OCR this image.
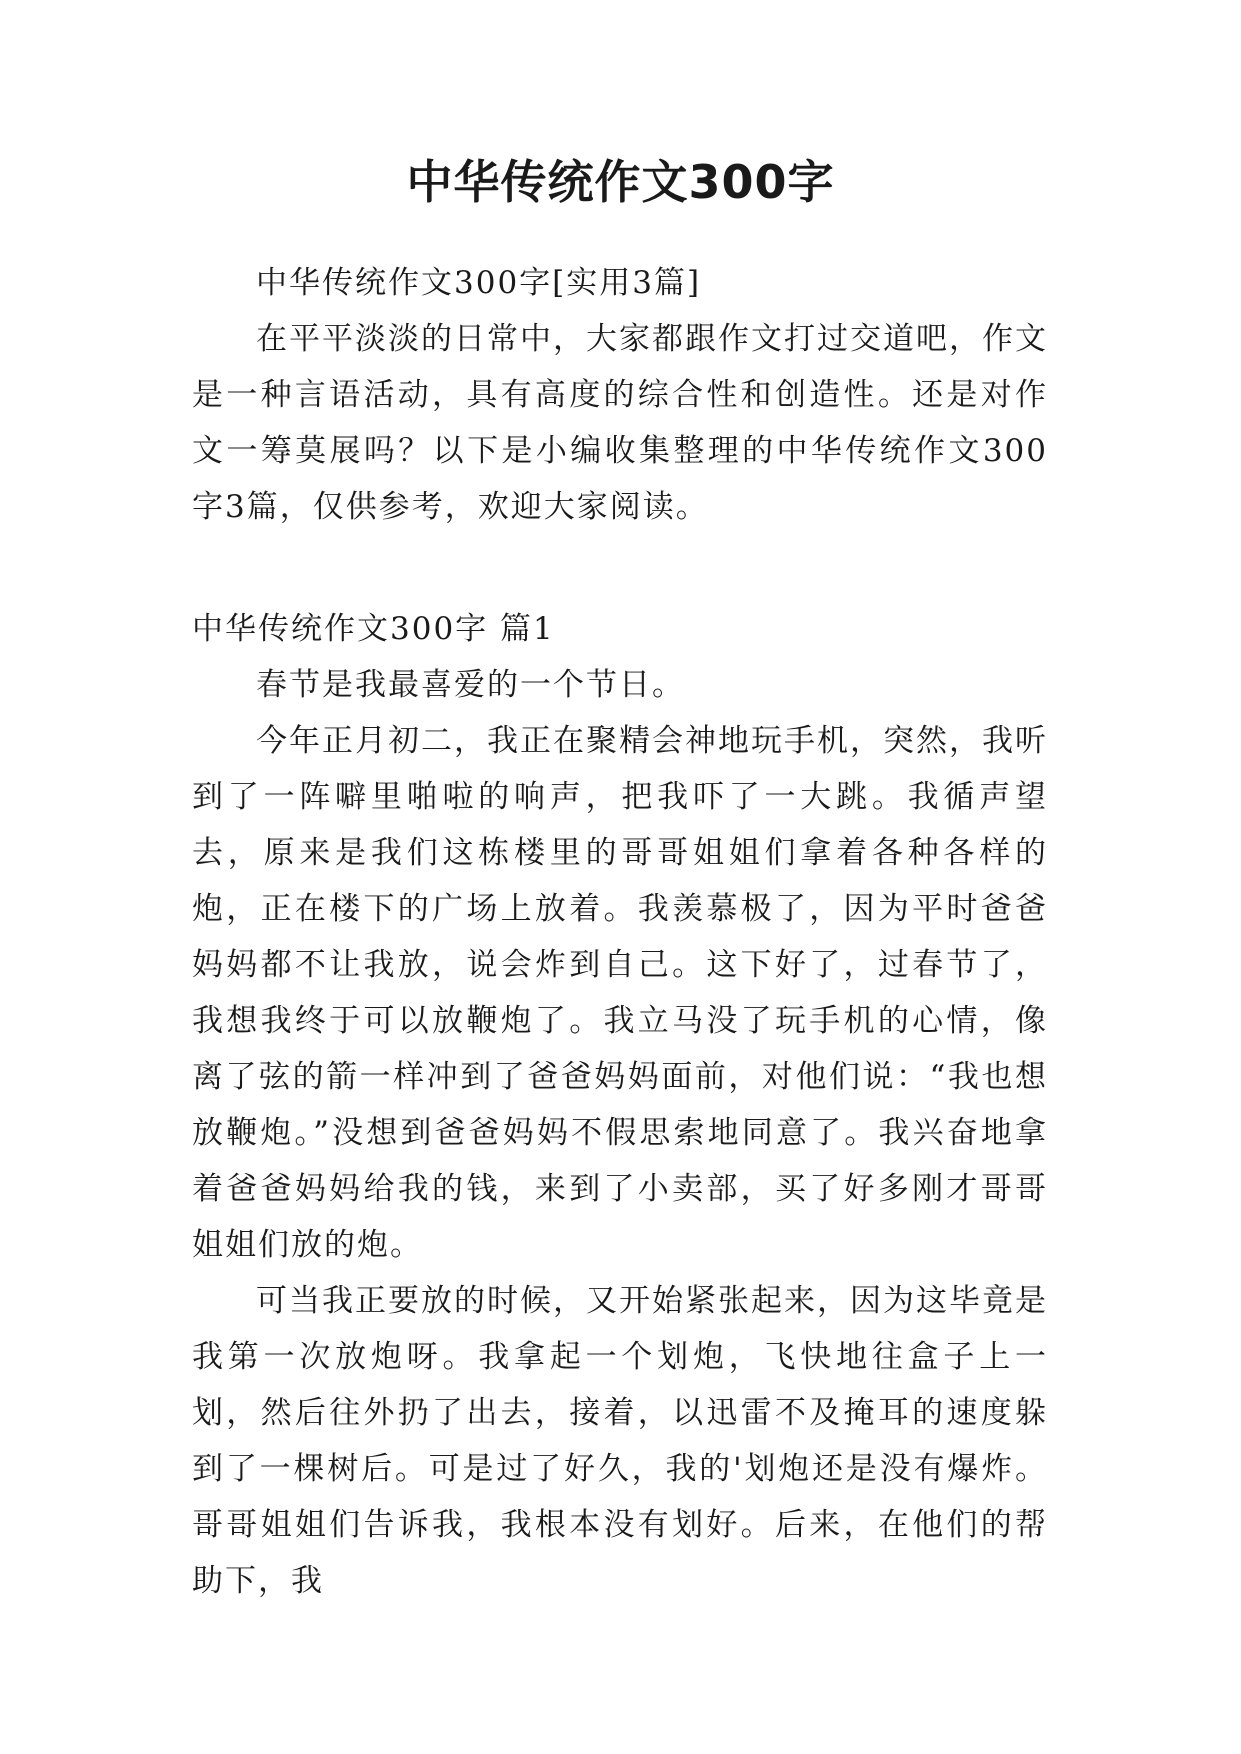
中华传统作文300字

中华传统作文300字[实用3篇]

在平平淡淡的日常中，大家都跟作文打过交道吧，作文是一种言语活动，具有高度的综合性和创造性。还是对作文一筹莫展吗？以下是小编收集整理的中华传统作文300字3篇，仅供参考，欢迎大家阅读。

中华传统作文300字 篇1

春节是我最喜爱的一个节日。

今年正月初二，我正在聚精会神地玩手机，突然，我听到了一阵噼里啪啦的响声，把我吓了一大跳。我循声望去，原来是我们这栋楼里的哥哥姐姐们拿着各种各样的炮，正在楼下的广场上放着。我羡慕极了，因为平时爸爸妈妈都不让我放，说会炸到自己。这下好了，过春节了，我想我终于可以放鞭炮了。我立马没了玩手机的心情，像离了弦的箭一样冲到了爸爸妈妈面前，对他们说：“我也想放鞭炮。”没想到爸爸妈妈不假思索地同意了。我兴奋地拿着爸爸妈妈给我的钱，来到了小卖部，买了好多刚才哥哥姐姐们放的炮。

可当我正要放的时候，又开始紧张起来，因为这毕竟是我第一次放炮呀。我拿起一个划炮，飞快地往盒子上一划，然后往外扔了出去，接着，以迅雷不及掩耳的速度躲到了一棵树后。可是过了好久，我的'划炮还是没有爆炸。哥哥姐姐们告诉我，我根本没有划好。后来，在他们的帮助下，我
